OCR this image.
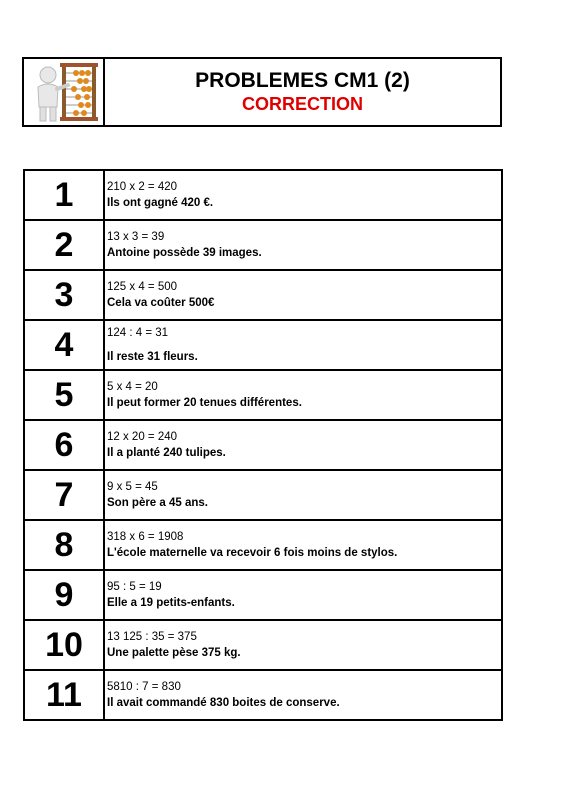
PROBLEMES CM1 (2)
CORRECTION
1	210 x 2 = 420
Ils ont gagné 420 €.
2	13 x 3 = 39
Antoine possède 39 images.
3	125 x 4 = 500
Cela va coûter 500€
4	124 : 4 = 31
Il reste 31 fleurs.
5	5 x 4 = 20
Il peut former 20 tenues différentes.
6	12 x 20 = 240
Il a planté 240 tulipes.
7	9 x 5 = 45
Son père a 45 ans.
8	318 x 6 = 1908
L'école maternelle va recevoir 6 fois moins de stylos.
9	95 : 5 = 19
Elle a 19 petits-enfants.
10	13 125 : 35 = 375
Une palette pèse 375 kg.
11	5810 : 7 = 830
Il avait commandé 830 boites de conserve.
